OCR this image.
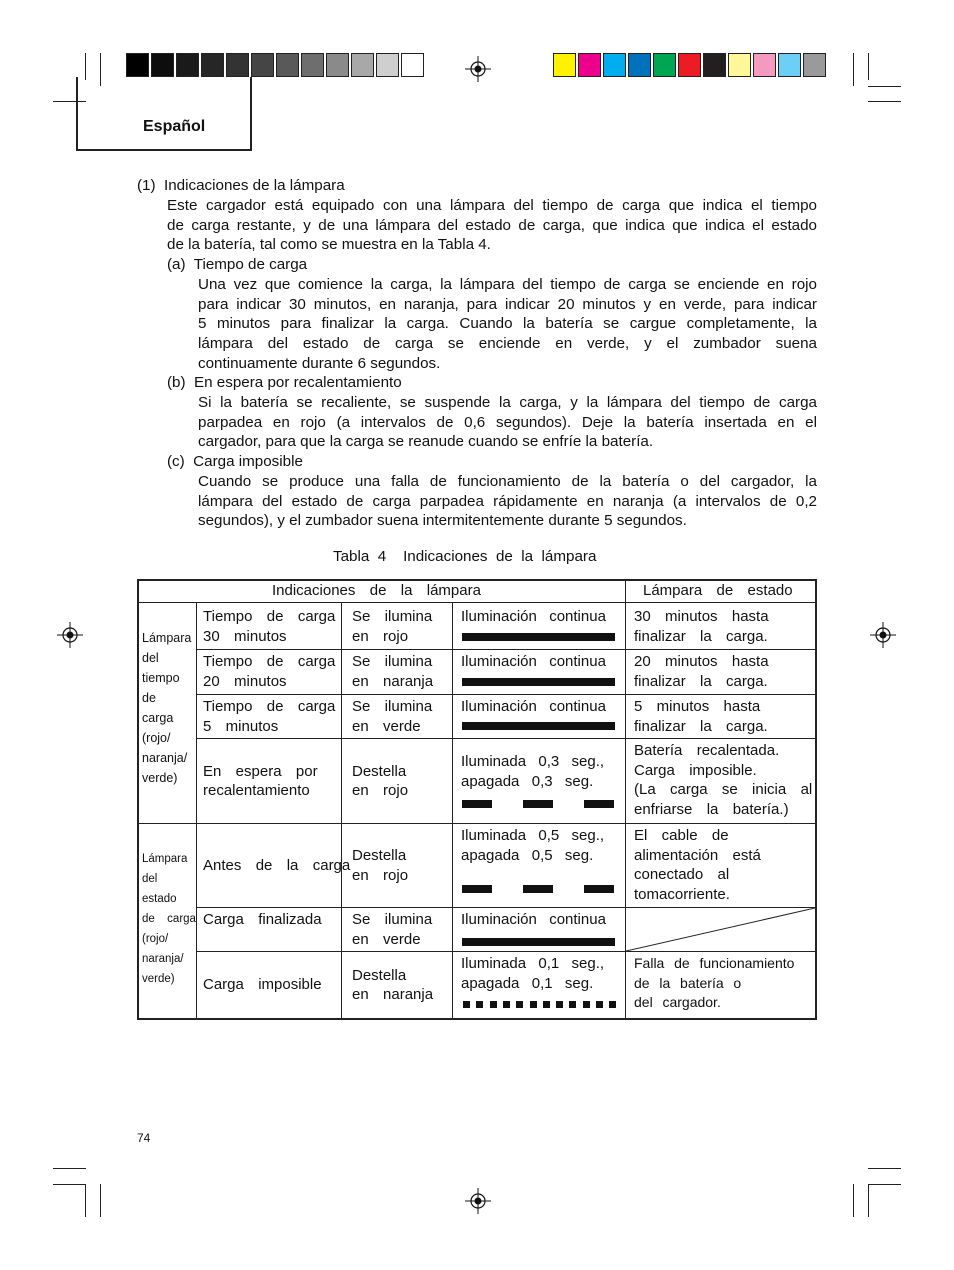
Español
(1)  Indicaciones de la lámpara
(a)  Tiempo de carga
(b)  En espera por recalentamiento
(c)  Carga imposible
Tabla  4    Indicaciones  de  la  lámpara
Indicaciones  de  la  lámpara	Lámpara  de  estado
Lámpara
del
tiempo
de
carga
(rojo/
naranja/
verde)
Lámpara
del
estado
de  carga
(rojo/
naranja/
verde)
Tiempo  de  carga
30  minutos
Se  ilumina
en  rojo
Iluminación  continua 30  minutos  hasta
finalizar  la  carga.
Tiempo  de  carga
20  minutos
Se  ilumina
en  naranja
Iluminación  continua 20  minutos  hasta
finalizar  la  carga.
Tiempo  de  carga
5  minutos
Se  ilumina
en  verde
Iluminación  continua 5  minutos  hasta
finalizar  la  carga.
En  espera  por
recalentamiento
Destella
en  rojo
Iluminada  0,3  seg.,
apagada  0,3  seg.
Batería  recalentada.
Carga  imposible.
(La  carga  se  inicia  al
enfriarse  la  batería.)
Antes  de  la  carga
Destella
en  rojo
Iluminada  0,5  seg.,
apagada  0,5  seg.
El  cable  de
alimentación  está
conectado  al
tomacorriente.
Carga  finalizada Se  ilumina
en  verde
Iluminación  continua
Carga  imposible
Destella
en  naranja
Iluminada  0,1  seg.,
apagada  0,1  seg.
Falla  de  funcionamiento
de  la  batería  o
del  cargador.
74
Este cargador está equipado con una lámpara del tiempo de carga que indica el tiempo
de carga restante, y de una lámpara del estado de carga, que indica que indica el estado
de la batería, tal como se muestra en la Tabla 4.
Una vez que comience la carga, la lámpara del tiempo de carga se enciende en rojo
para indicar 30 minutos, en naranja, para indicar 20 minutos y en verde, para indicar
5 minutos para finalizar la carga. Cuando la batería se cargue completamente, la
lámpara del estado de carga se enciende en verde, y el zumbador suena
continuamente durante 6 segundos.
Si la batería se recaliente, se suspende la carga, y la lámpara del tiempo de carga
parpadea en rojo (a intervalos de 0,6 segundos). Deje la batería insertada en el
cargador, para que la carga se reanude cuando se enfríe la batería.
Cuando se produce una falla de funcionamiento de la batería o del cargador, la
lámpara del estado de carga parpadea rápidamente en naranja (a intervalos de 0,2
segundos), y el zumbador suena intermitentemente durante 5 segundos.
